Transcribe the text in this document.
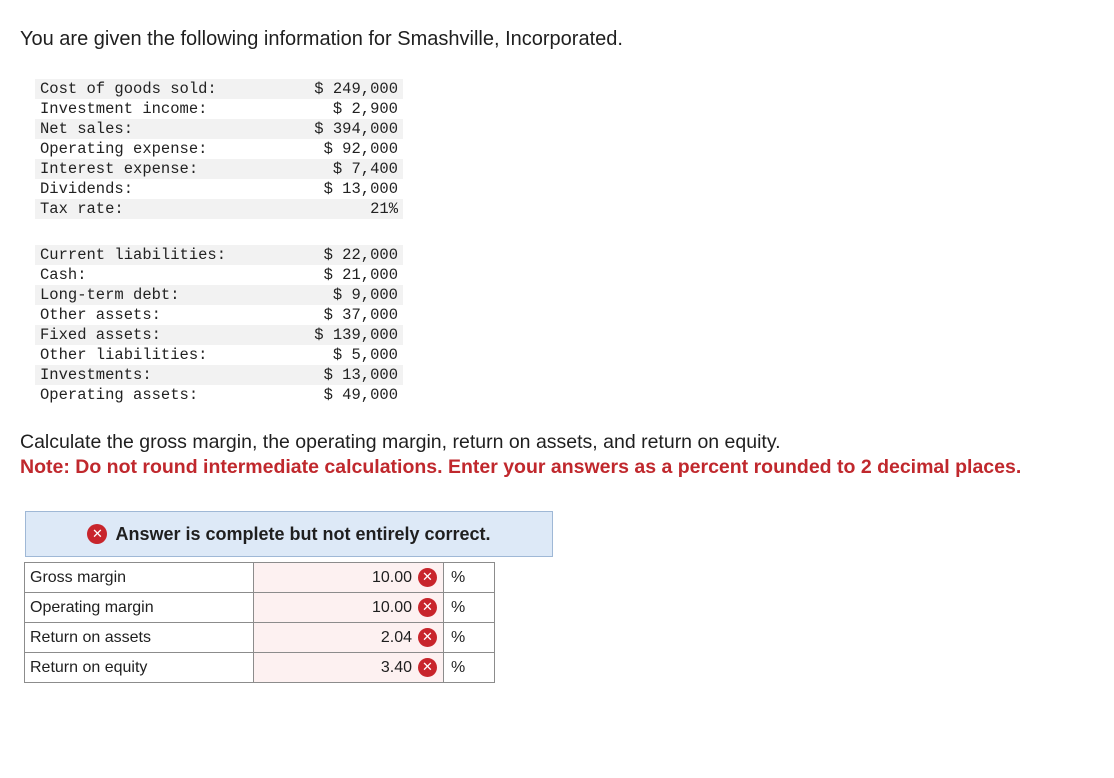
You are given the following information for Smashville, Incorporated.
Cost of goods sold:	$ 249,000
Investment income:	$ 2,900
Net sales:	$ 394,000
Operating expense:	$ 92,000
Interest expense:	$ 7,400
Dividends:	$ 13,000
Tax rate:	21%
Current liabilities:	$ 22,000
Cash:	$ 21,000
Long-term debt:	$ 9,000
Other assets:	$ 37,000
Fixed assets:	$ 139,000
Other liabilities:	$ 5,000
Investments:	$ 13,000
Operating assets:	$ 49,000
Calculate the gross margin, the operating margin, return on assets, and return on equity.
Note: Do not round intermediate calculations. Enter your answers as a percent rounded to 2 decimal places.
✕ Answer is complete but not entirely correct.
Gross margin	10.00 ✕	%
Operating margin	10.00 ✕	%
Return on assets	2.04 ✕	%
Return on equity	3.40 ✕	%
